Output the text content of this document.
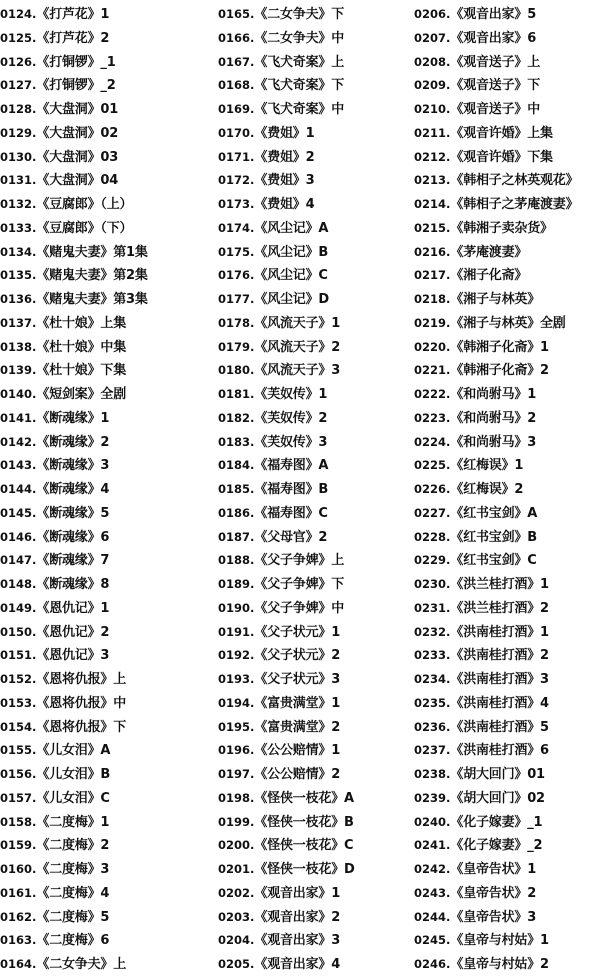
0124.《打芦花》1
0125.《打芦花》2
0126.《打铜锣》_1
0127.《打铜锣》_2
0128.《大盘洞》01
0129.《大盘洞》02
0130.《大盘洞》03
0131.《大盘洞》04
0132.《豆腐郎》（上）
0133.《豆腐郎》（下）
0134.《赌鬼夫妻》第1集
0135.《赌鬼夫妻》第2集
0136.《赌鬼夫妻》第3集
0137.《杜十娘》上集
0138.《杜十娘》中集
0139.《杜十娘》下集
0140.《短剑案》全剧
0141.《断魂缘》1
0142.《断魂缘》2
0143.《断魂缘》3
0144.《断魂缘》4
0145.《断魂缘》5
0146.《断魂缘》6
0147.《断魂缘》7
0148.《断魂缘》8
0149.《恩仇记》1
0150.《恩仇记》2
0151.《恩仇记》3
0152.《恩将仇报》上
0153.《恩将仇报》中
0154.《恩将仇报》下
0155.《儿女泪》A
0156.《儿女泪》B
0157.《儿女泪》C
0158.《二度梅》1
0159.《二度梅》2
0160.《二度梅》3
0161.《二度梅》4
0162.《二度梅》5
0163.《二度梅》6
0164.《二女争夫》上
0165.《二女争夫》下
0166.《二女争夫》中
0167.《飞犬奇案》上
0168.《飞犬奇案》下
0169.《飞犬奇案》中
0170.《费姐》1
0171.《费姐》2
0172.《费姐》3
0173.《费姐》4
0174.《风尘记》A
0175.《风尘记》B
0176.《风尘记》C
0177.《风尘记》D
0178.《风流天子》1
0179.《风流天子》2
0180.《风流天子》3
0181.《芙奴传》1
0182.《芙奴传》2
0183.《芙奴传》3
0184.《福寿图》A
0185.《福寿图》B
0186.《福寿图》C
0187.《父母官》2
0188.《父子争婢》上
0189.《父子争婢》下
0190.《父子争婢》中
0191.《父子状元》1
0192.《父子状元》2
0193.《父子状元》3
0194.《富贵满堂》1
0195.《富贵满堂》2
0196.《公公赔情》1
0197.《公公赔情》2
0198.《怪侠一枝花》A
0199.《怪侠一枝花》B
0200.《怪侠一枝花》C
0201.《怪侠一枝花》D
0202.《观音出家》1
0203.《观音出家》2
0204.《观音出家》3
0205.《观音出家》4
0206.《观音出家》5
0207.《观音出家》6
0208.《观音送子》上
0209.《观音送子》下
0210.《观音送子》中
0211.《观音许婚》上集
0212.《观音许婚》下集
0213.《韩相子之林英观花》
0214.《韩相子之茅庵渡妻》
0215.《韩湘子卖杂货》
0216.《茅庵渡妻》
0217.《湘子化斋》
0218.《湘子与林英》
0219.《湘子与林英》全剧
0220.《韩湘子化斋》1
0221.《韩湘子化斋》2
0222.《和尚驸马》1
0223.《和尚驸马》2
0224.《和尚驸马》3
0225.《红梅误》1
0226.《红梅误》2
0227.《红书宝剑》A
0228.《红书宝剑》B
0229.《红书宝剑》C
0230.《洪兰桂打酒》1
0231.《洪兰桂打酒》2
0232.《洪南桂打酒》1
0233.《洪南桂打酒》2
0234.《洪南桂打酒》3
0235.《洪南桂打酒》4
0236.《洪南桂打酒》5
0237.《洪南桂打酒》6
0238.《胡大回门》01
0239.《胡大回门》02
0240.《化子嫁妻》_1
0241.《化子嫁妻》_2
0242.《皇帝告状》1
0243.《皇帝告状》2
0244.《皇帝告状》3
0245.《皇帝与村姑》1
0246.《皇帝与村姑》2
